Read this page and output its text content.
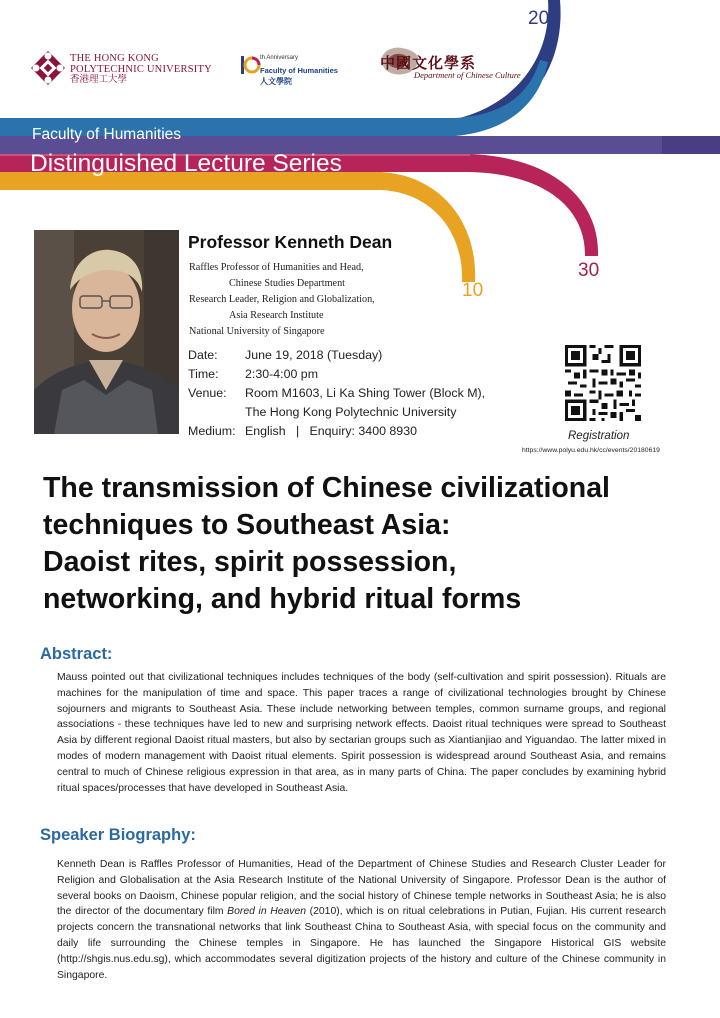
THE HONG KONG
POLYTECHNIC UNIVERSITY
香港理工大學
th Anniversary
Faculty of Humanities
人文學院
中國文化學系
Department of Chinese Culture
20
10
30
Faculty of Humanities
Distinguished Lecture Series
Professor Kenneth Dean
Raffles Professor of Humanities and Head,
Chinese Studies Department
Research Leader, Religion and Globalization,
Asia Research Institute
National University of Singapore
Date:	June 19, 2018 (Tuesday)
Time:	2:30-4:00 pm
Venue:	Room M1603, Li Ka Shing Tower (Block M),
The Hong Kong Polytechnic University
Medium: English   |   Enquiry: 3400 8930	Registration
https://www.polyu.edu.hk/cc/events/20180619
The transmission of Chinese civilizational
techniques to Southeast Asia:
Daoist rites, spirit possession,
networking, and hybrid ritual forms
Abstract:
Mauss pointed out that civilizational techniques includes techniques of the body (self-cultivation and spirit possession). Rituals are machines for the manipulation of time and space. This paper traces a range of civilizational technologies brought by Chinese sojourners and migrants to Southeast Asia. These include networking between temples, common surname groups, and regional associations - these techniques have led to new and surprising network effects. Daoist ritual techniques were spread to Southeast Asia by different regional Daoist ritual masters, but also by sectarian groups such as Xiantianjiao and Yiguandao. The latter mixed in modes of modern management with Daoist ritual elements. Spirit possession is widespread around Southeast Asia, and remains central to much of Chinese religious expression in that area, as in many parts of China. The paper concludes by examining hybrid ritual spaces/processes that have developed in Southeast Asia.
Speaker Biography:
Kenneth Dean is Raffles Professor of Humanities, Head of the Department of Chinese Studies and Research Cluster Leader for Religion and Globalisation at the Asia Research Institute of the National University of Singapore. Professor Dean is the author of several books on Daoism, Chinese popular religion, and the social history of Chinese temple networks in Southeast Asia; he is also the director of the documentary film Bored in Heaven (2010), which is on ritual celebrations in Putian, Fujian. His current research projects concern the transnational networks that link Southeast China to Southeast Asia, with special focus on the community and daily life surrounding the Chinese temples in Singapore. He has launched the Singapore Historical GIS website (http://shgis.nus.edu.sg), which accommodates several digitization projects of the history and culture of the Chinese community in Singapore.
